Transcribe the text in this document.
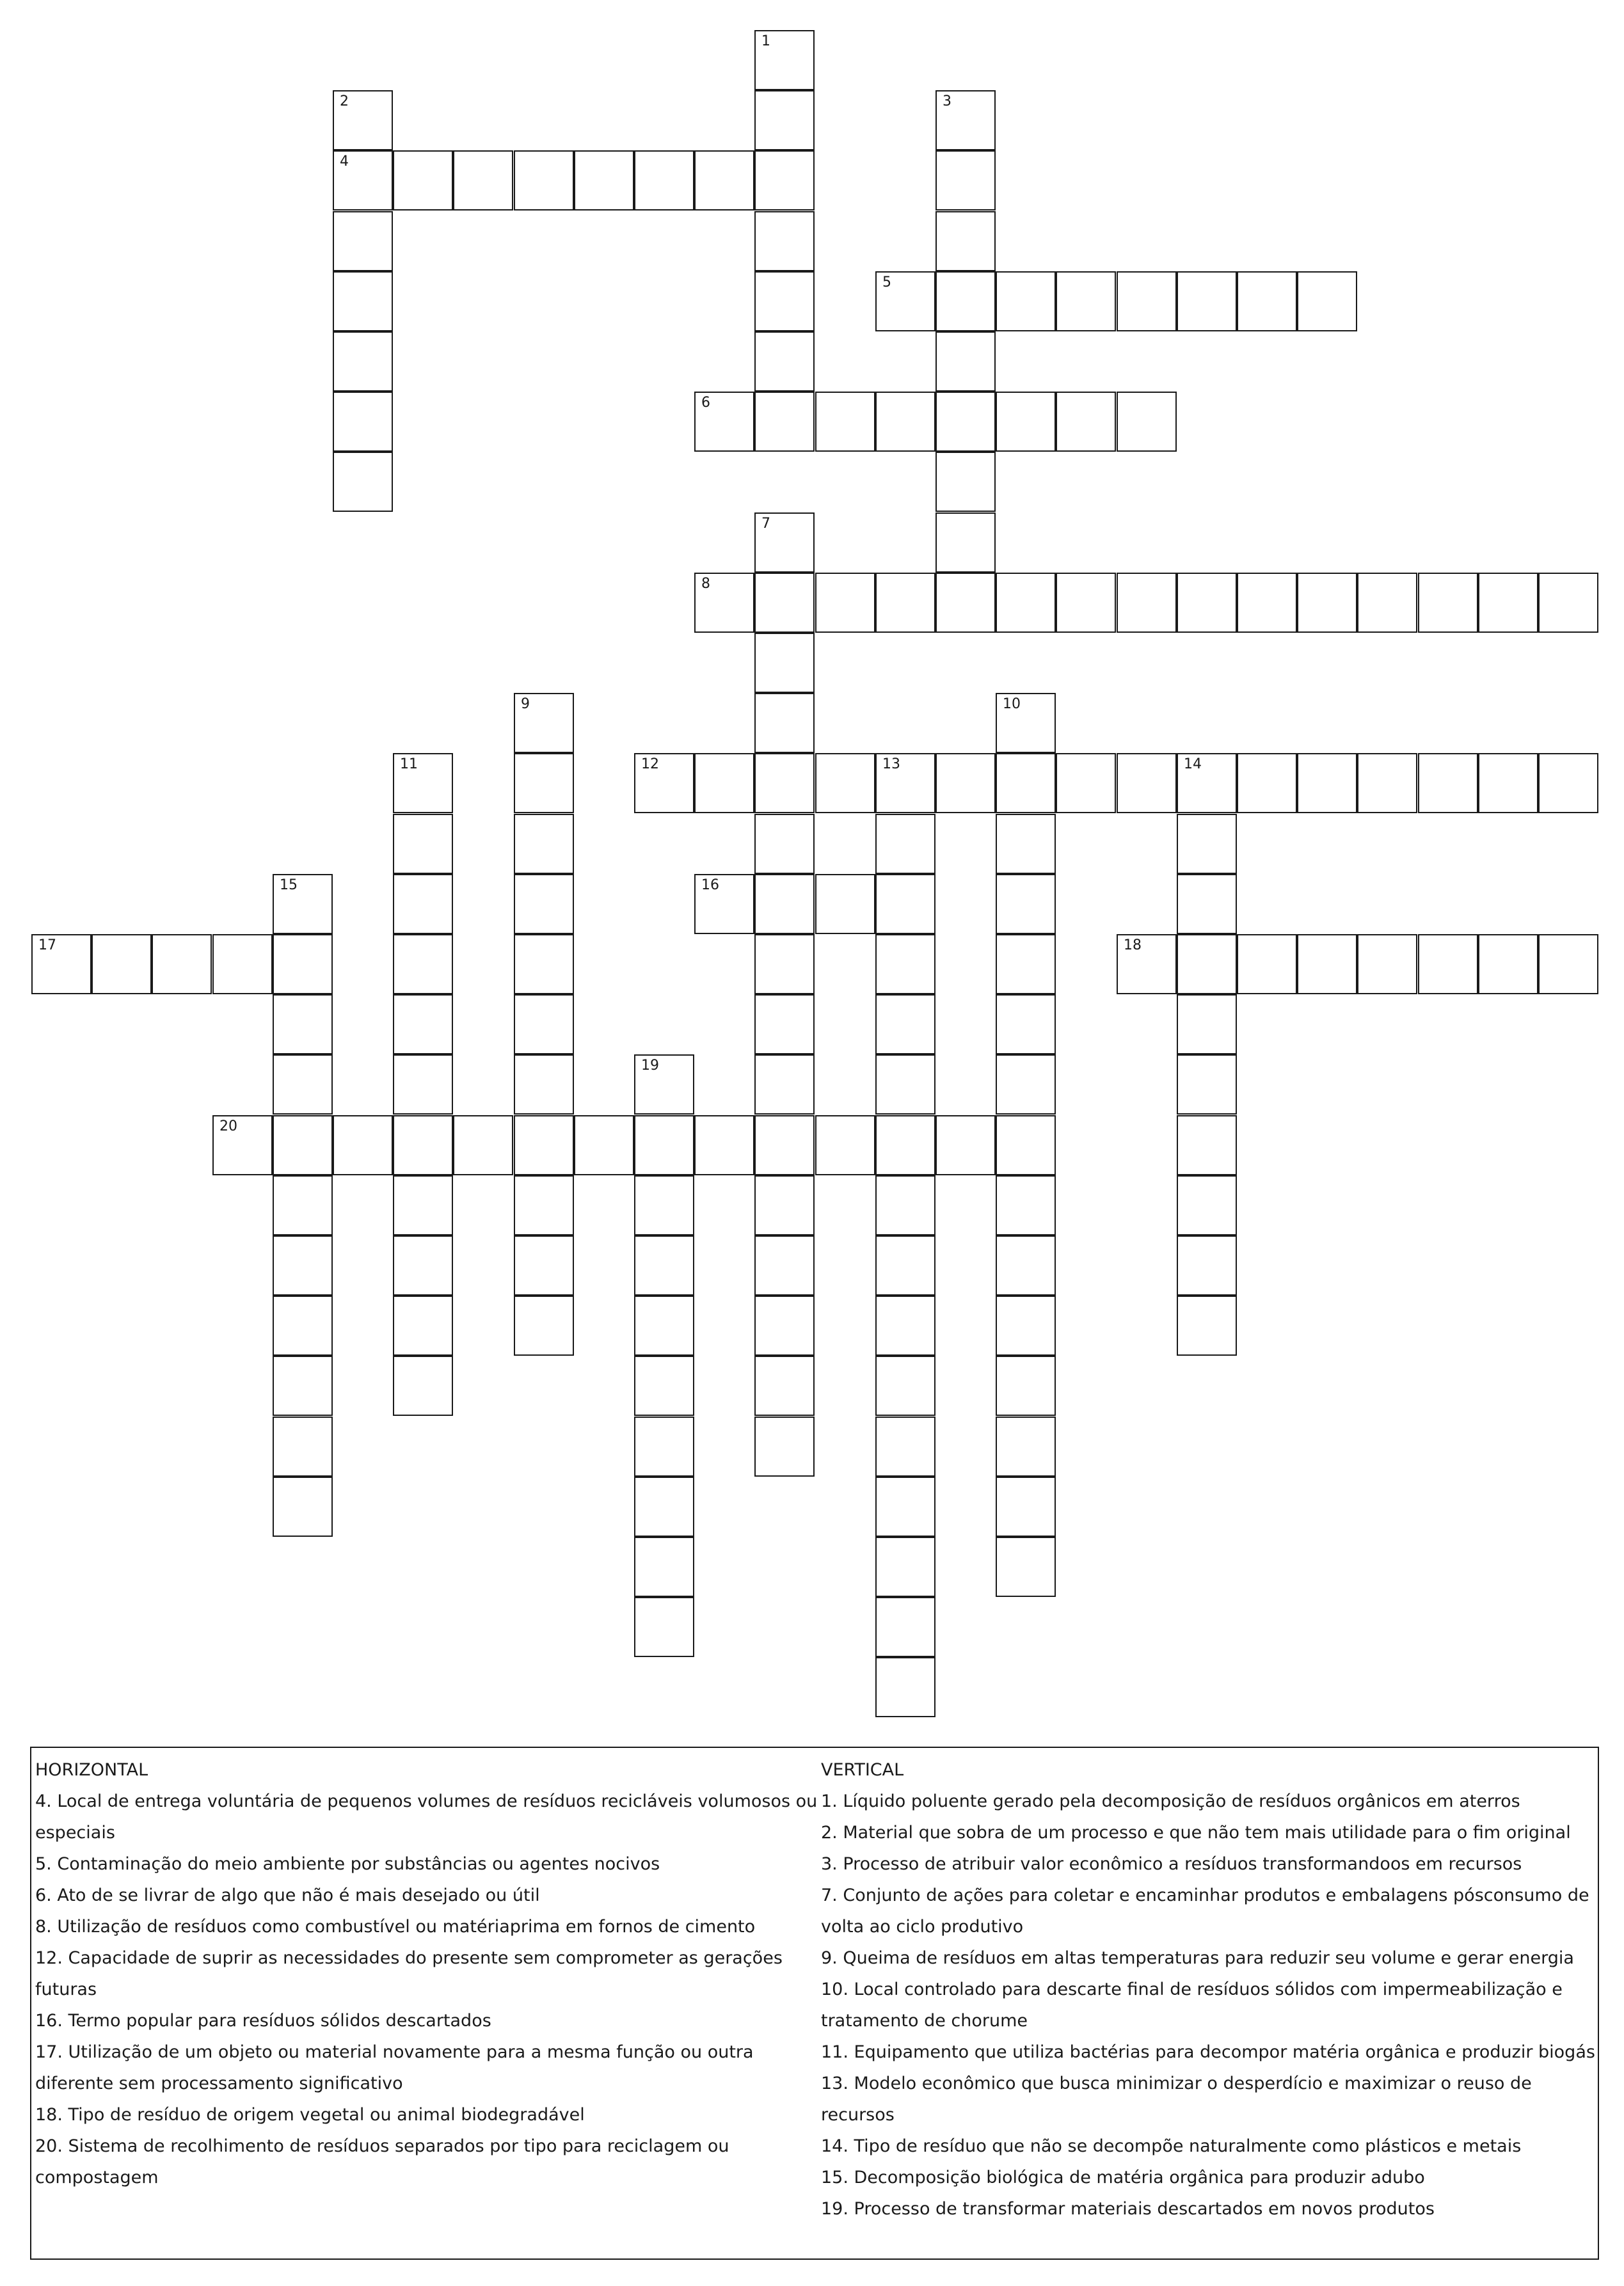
1
2
4
3
5
6
7
8
9	10
11	12	13	14
15	16
17	18
19
20

HORIZONTAL

4. Local de entrega voluntária de pequenos volumes de resíduos recicláveis volumosos ou especiais
5. Contaminação do meio ambiente por substâncias ou agentes nocivos
6. Ato de se livrar de algo que não é mais desejado ou útil
8. Utilização de resíduos como combustível ou matériaprima em fornos de cimento
12. Capacidade de suprir as necessidades do presente sem comprometer as gerações futuras
16. Termo popular para resíduos sólidos descartados
17. Utilização de um objeto ou material novamente para a mesma função ou outra diferente sem processamento significativo
18. Tipo de resíduo de origem vegetal ou animal biodegradável
20. Sistema de recolhimento de resíduos separados por tipo para reciclagem ou compostagem

VERTICAL

1. Líquido poluente gerado pela decomposição de resíduos orgânicos em aterros
2. Material que sobra de um processo e que não tem mais utilidade para o fim original
3. Processo de atribuir valor econômico a resíduos transformandoos em recursos
7. Conjunto de ações para coletar e encaminhar produtos e embalagens pósconsumo de volta ao ciclo produtivo
9. Queima de resíduos em altas temperaturas para reduzir seu volume e gerar energia
10. Local controlado para descarte final de resíduos sólidos com impermeabilização e tratamento de chorume
11. Equipamento que utiliza bactérias para decompor matéria orgânica e produzir biogás
13. Modelo econômico que busca minimizar o desperdício e maximizar o reuso de recursos
14. Tipo de resíduo que não se decompõe naturalmente como plásticos e metais
15. Decomposição biológica de matéria orgânica para produzir adubo
19. Processo de transformar materiais descartados em novos produtos
